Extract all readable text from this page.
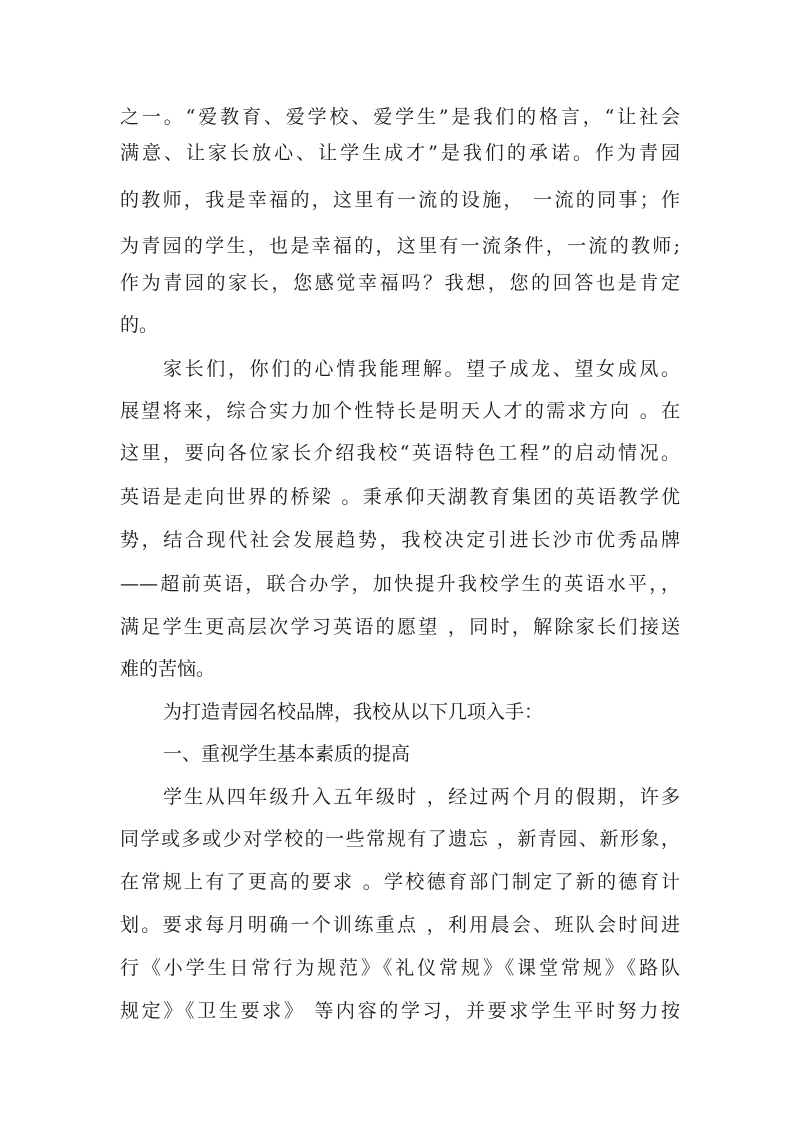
之一。“爱教育、爱学校、爱学生”是我们的格言，“让社会
满意、让家长放心、让学生成才”是我们的承诺。作为青园
的教师，我是幸福的，这里有一流的设施， 一流的同事；作
为青园的学生，也是幸福的，这里有一流条件，一流的教师;
作为青园的家长，您感觉幸福吗？我想，您的回答也是肯定
的。
家长们，你们的心情我能理解。望子成龙、望女成凤。
展望将来，综合实力加个性特长是明天人才的需求方向 。在
这里，要向各位家长介绍我校“英语特色工程”的启动情况。
英语是走向世界的桥梁 。秉承仰天湖教育集团的英语教学优
势，结合现代社会发展趋势，我校决定引进长沙市优秀品牌
——超前英语，联合办学，加快提升我校学生的英语水平，，
满足学生更高层次学习英语的愿望 ，同时，解除家长们接送
难的苦恼。
为打造青园名校品牌，我校从以下几项入手：
一、重视学生基本素质的提高
学生从四年级升入五年级时 ，经过两个月的假期，许多
同学或多或少对学校的一些常规有了遗忘 ，新青园、新形象，
在常规上有了更高的要求 。学校德育部门制定了新的德育计
划。要求每月明确一个训练重点 ，利用晨会、班队会时间进
行《小学生日常行为规范》《礼仪常规》《课堂常规》《路队
规定》《卫生要求》 等内容的学习，并要求学生平时努力按
